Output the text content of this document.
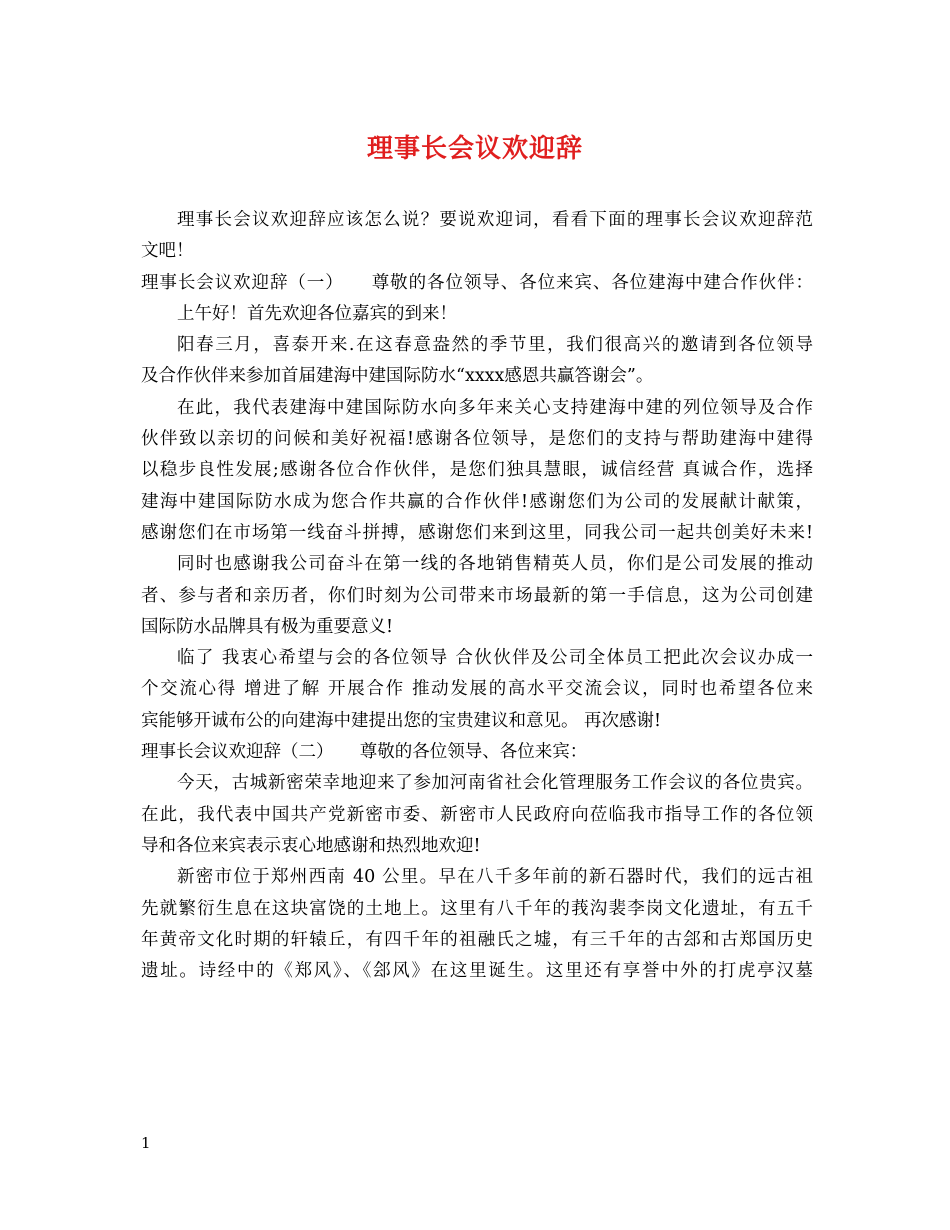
理事长会议欢迎辞
理事长会议欢迎辞应该怎么说？要说欢迎词，看看下面的理事长会议欢迎辞范
文吧！
理事长会议欢迎辞（一）　　尊敬的各位领导、各位来宾、各位建海中建合作伙伴：
上午好！首先欢迎各位嘉宾的到来！
阳春三月，喜泰开来.在这春意盎然的季节里，我们很高兴的邀请到各位领导
及合作伙伴来参加首届建海中建国际防水“xxxx感恩共赢答谢会”。
在此，我代表建海中建国际防水向多年来关心支持建海中建的列位领导及合作
伙伴致以亲切的问候和美好祝福!感谢各位领导，是您们的支持与帮助建海中建得
以稳步良性发展;感谢各位合作伙伴，是您们独具慧眼，诚信经营 真诚合作，选择
建海中建国际防水成为您合作共赢的合作伙伴!感谢您们为公司的发展献计献策，
感谢您们在市场第一线奋斗拼搏，感谢您们来到这里，同我公司一起共创美好未来!
同时也感谢我公司奋斗在第一线的各地销售精英人员，你们是公司发展的推动
者、参与者和亲历者，你们时刻为公司带来市场最新的第一手信息，这为公司创建
国际防水品牌具有极为重要意义!
临了 我衷心希望与会的各位领导 合伙伙伴及公司全体员工把此次会议办成一
个交流心得 增进了解 开展合作 推动发展的高水平交流会议，同时也希望各位来
宾能够开诚布公的向建海中建提出您的宝贵建议和意见。 再次感谢!
理事长会议欢迎辞（二）　　尊敬的各位领导、各位来宾：
今天，古城新密荣幸地迎来了参加河南省社会化管理服务工作会议的各位贵宾。
在此，我代表中国共产党新密市委、新密市人民政府向莅临我市指导工作的各位领
导和各位来宾表示衷心地感谢和热烈地欢迎!
新密市位于郑州西南 40 公里。早在八千多年前的新石器时代，我们的远古祖
先就繁衍生息在这块富饶的土地上。这里有八千年的莪沟裴李岗文化遗址，有五千
年黄帝文化时期的轩辕丘，有四千年的祖融氏之墟，有三千年的古郐和古郑国历史
遗址。诗经中的《郑风》、《郐风》在这里诞生。这里还有享誉中外的打虎亭汉墓
1
